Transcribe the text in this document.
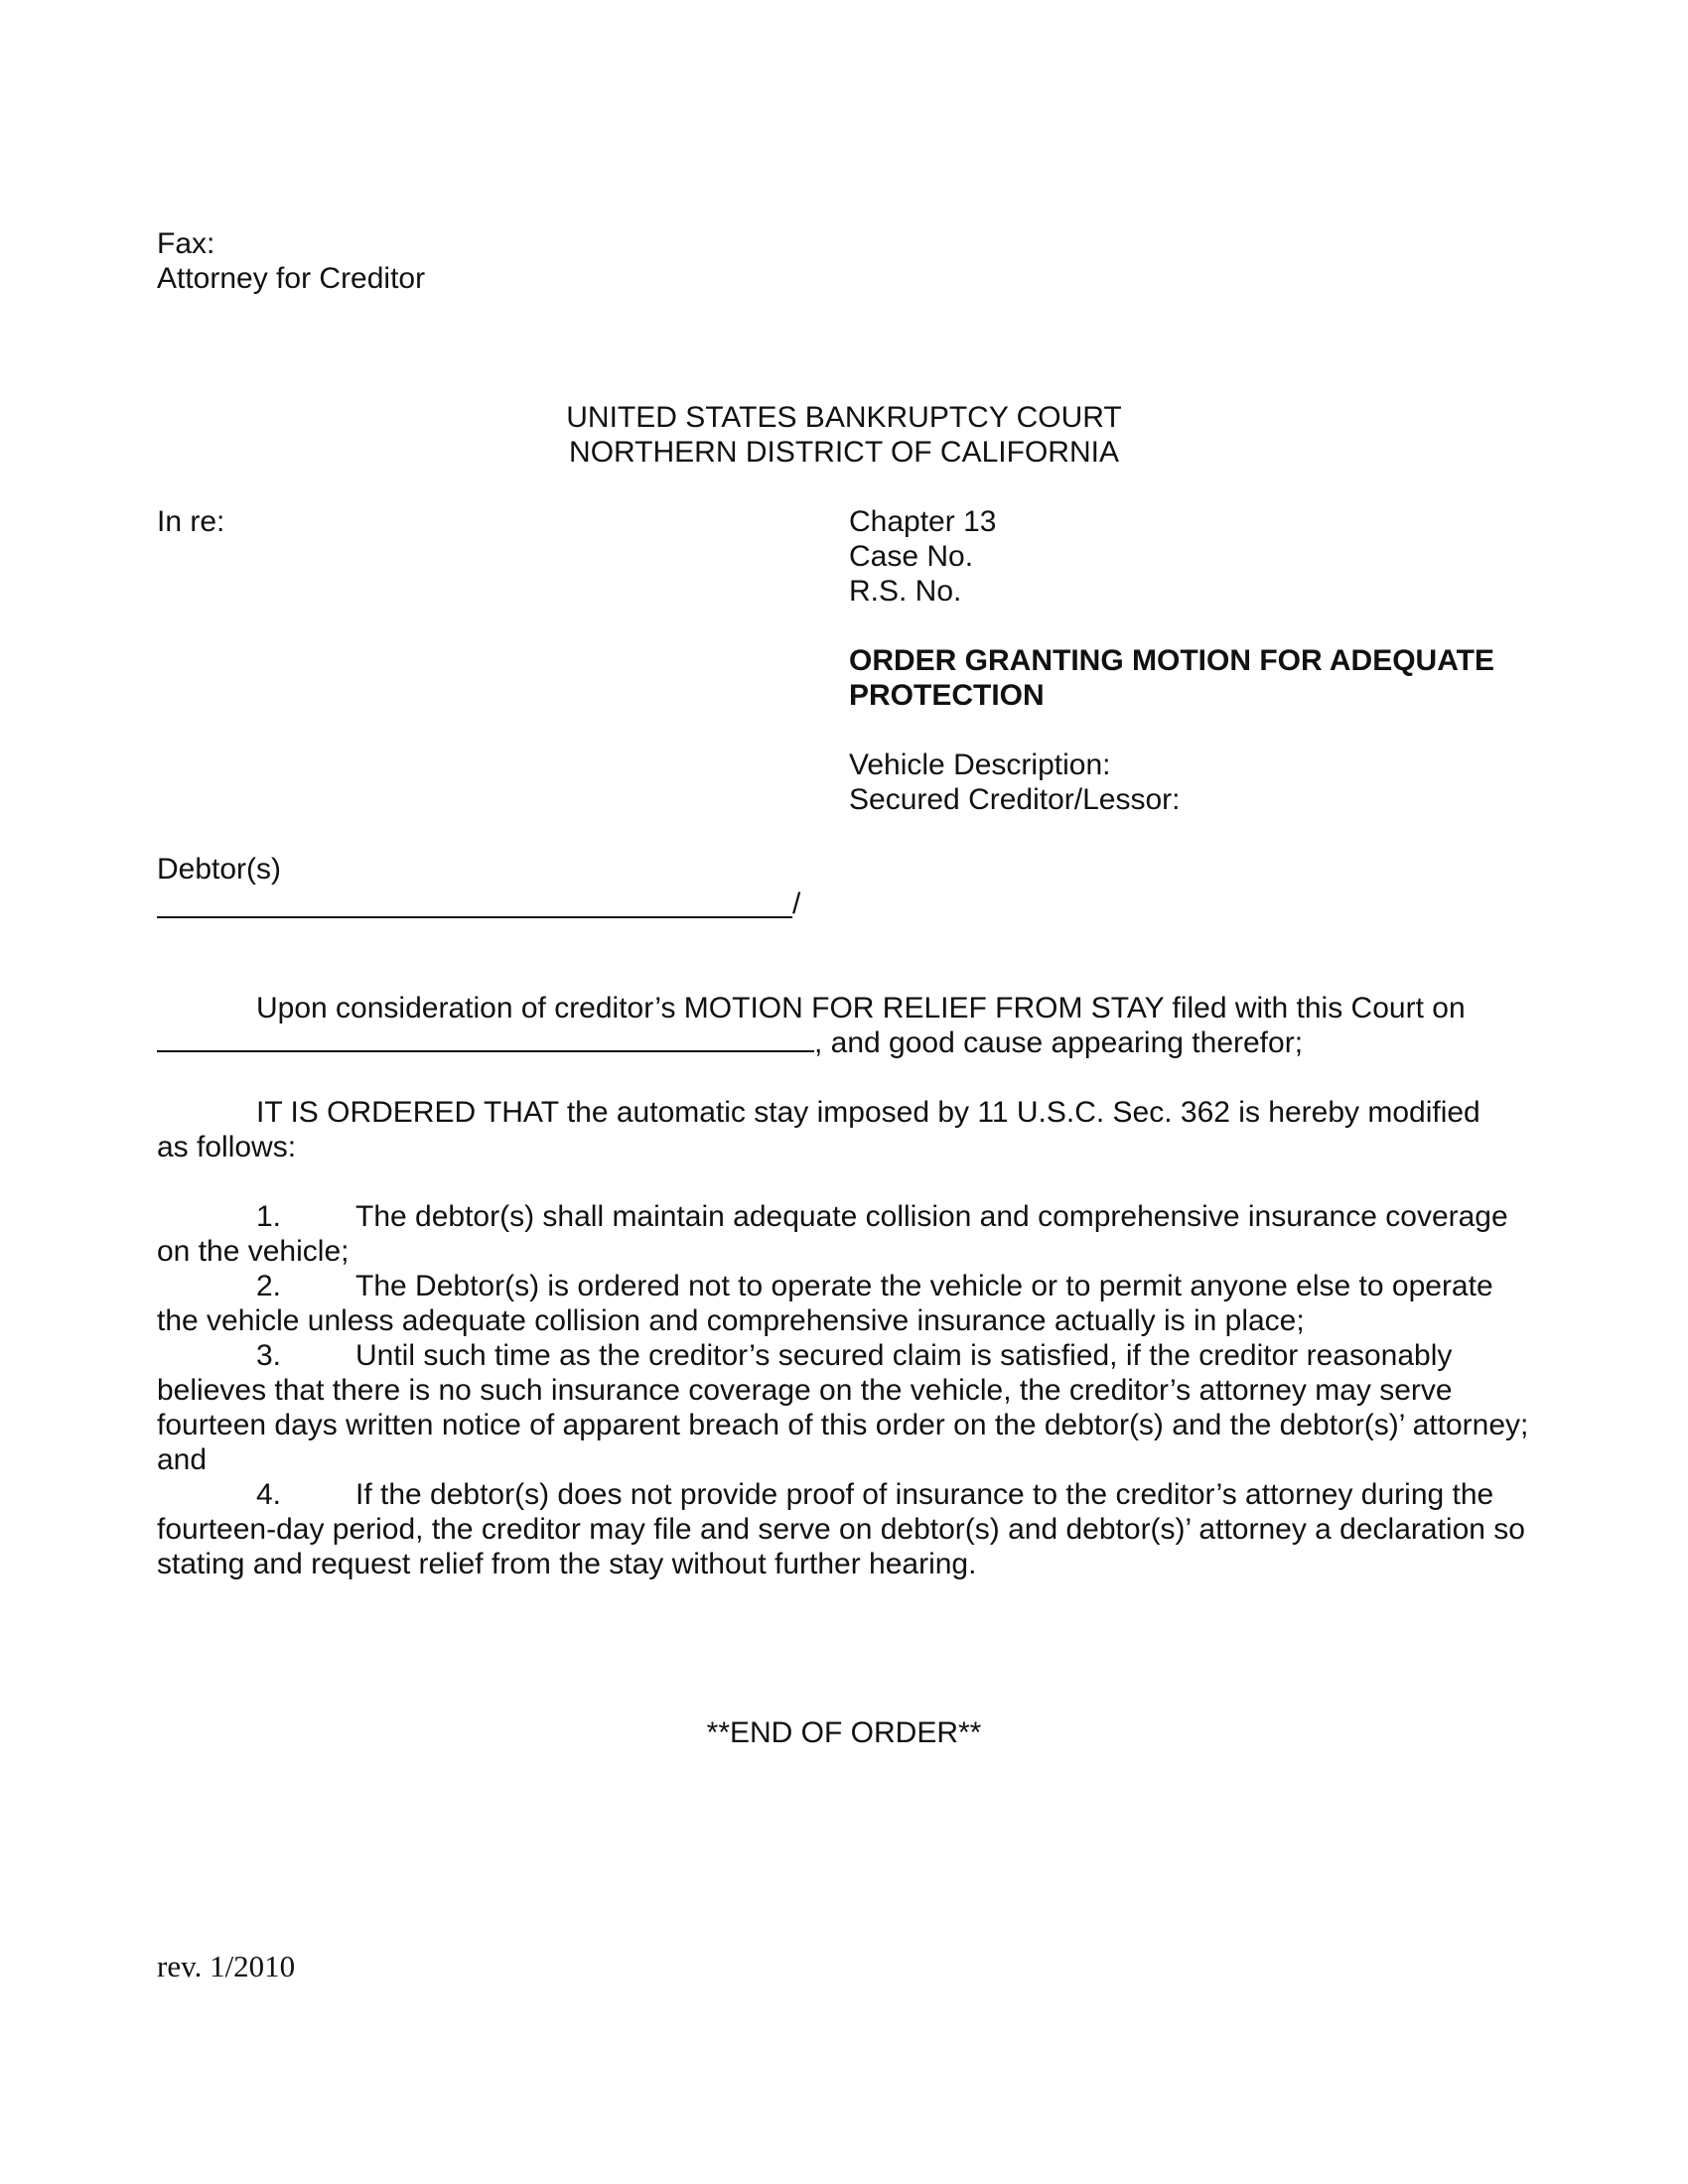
Fax:

Attorney for Creditor

UNITED STATES BANKRUPTCY COURT

NORTHERN DISTRICT OF CALIFORNIA

In re:	Chapter 13

Case No.

R.S. No.

ORDER GRANTING MOTION FOR ADEQUATE

PROTECTION

Vehicle Description:

Secured Creditor/Lessor:

Debtor(s)

/

Upon consideration of creditor’s MOTION FOR RELIEF FROM STAY filed with this Court on

, and good cause appearing therefor;

IT IS ORDERED THAT the automatic stay imposed by 11 U.S.C. Sec. 362 is hereby modified

as follows:

1. The debtor(s) shall maintain adequate collision and comprehensive insurance coverage
on the vehicle;
2. The Debtor(s) is ordered not to operate the vehicle or to permit anyone else to operate
the vehicle unless adequate collision and comprehensive insurance actually is in place;
3. Until such time as the creditor’s secured claim is satisfied, if the creditor reasonably
believes that there is no such insurance coverage on the vehicle, the creditor’s attorney may serve fourteen days written notice of apparent breach of this order on the debtor(s) and the debtor(s)’ attorney; and
4. If the debtor(s) does not provide proof of insurance to the creditor’s attorney during the
fourteen-day period, the creditor may file and serve on debtor(s) and debtor(s)’ attorney a declaration so stating and request relief from the stay without further hearing.

**END OF ORDER**

rev. 1/2010
